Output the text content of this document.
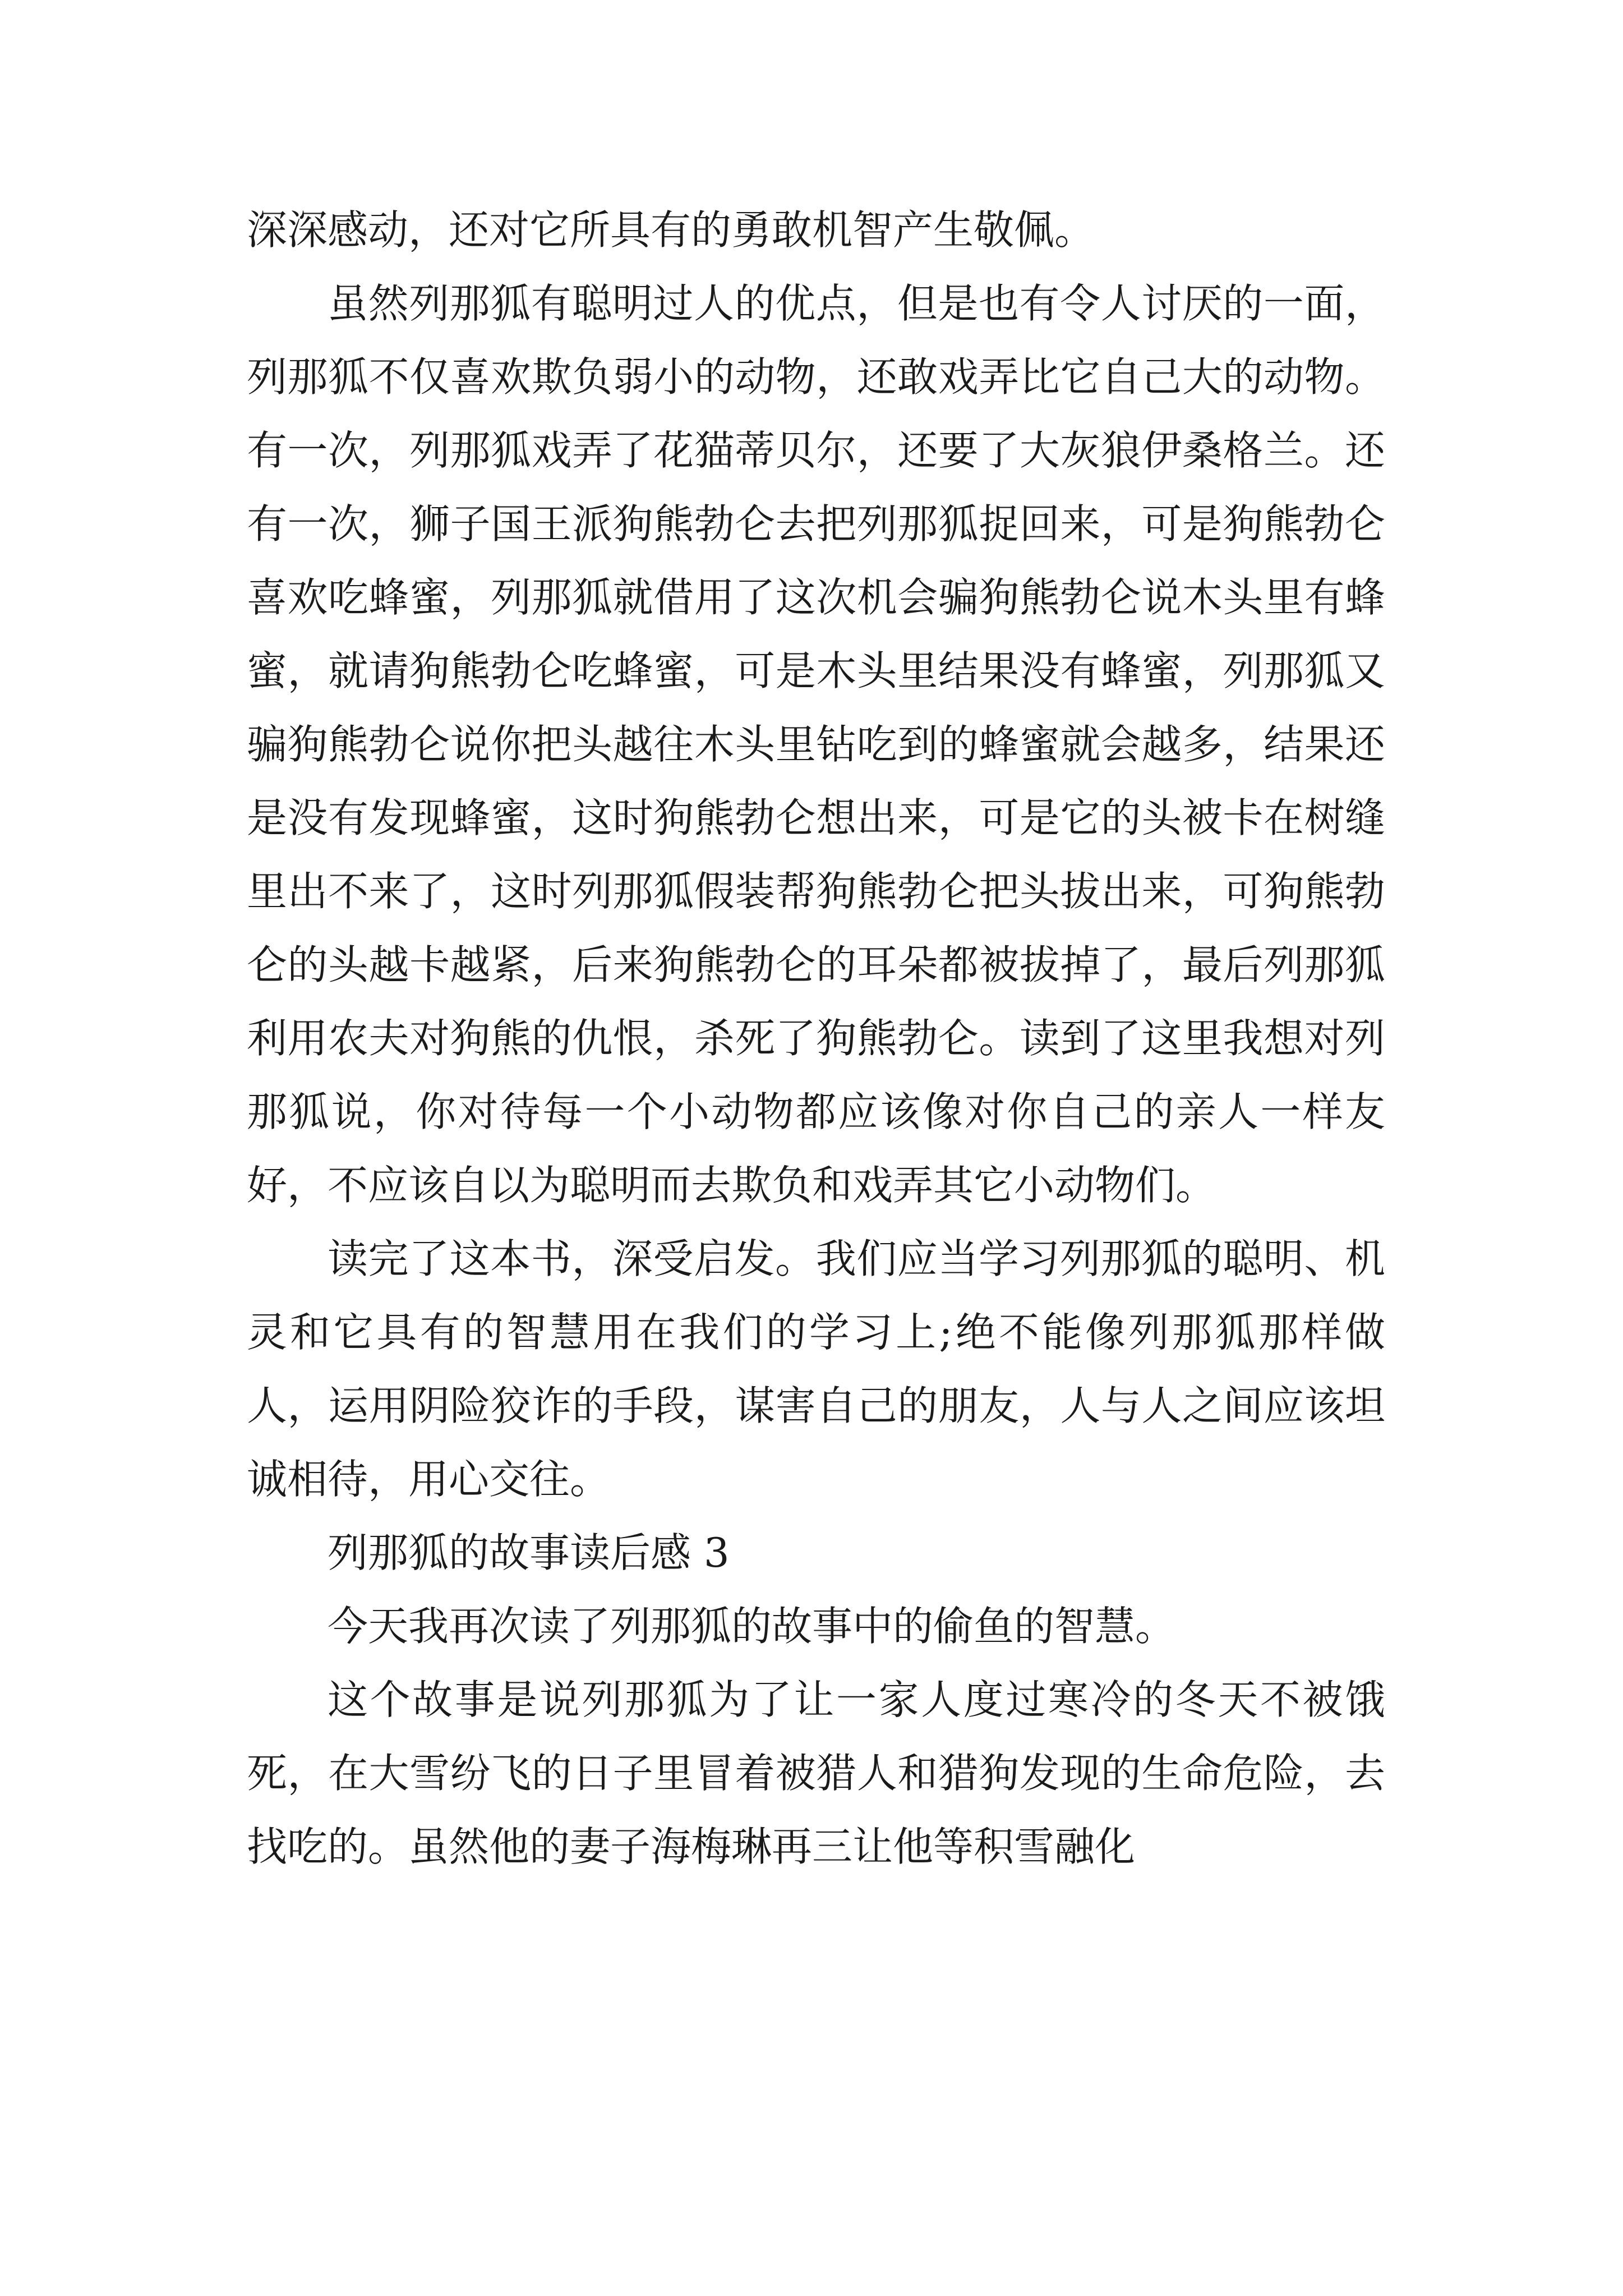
深深感动，还对它所具有的勇敢机智产生敬佩。

虽然列那狐有聪明过人的优点，但是也有令人讨厌的一面，列那狐不仅喜欢欺负弱小的动物，还敢戏弄比它自己大的动物。有一次，列那狐戏弄了花猫蒂贝尔，还要了大灰狼伊桑格兰。还有一次，狮子国王派狗熊勃仑去把列那狐捉回来，可是狗熊勃仑喜欢吃蜂蜜，列那狐就借用了这次机会骗狗熊勃仑说木头里有蜂蜜，就请狗熊勃仑吃蜂蜜，可是木头里结果没有蜂蜜，列那狐又骗狗熊勃仑说你把头越往木头里钻吃到的蜂蜜就会越多，结果还是没有发现蜂蜜，这时狗熊勃仑想出来，可是它的头被卡在树缝里出不来了，这时列那狐假装帮狗熊勃仑把头拔出来，可狗熊勃仑的头越卡越紧，后来狗熊勃仑的耳朵都被拔掉了，最后列那狐利用农夫对狗熊的仇恨，杀死了狗熊勃仑。读到了这里我想对列那狐说，你对待每一个小动物都应该像对你自己的亲人一样友好，不应该自以为聪明而去欺负和戏弄其它小动物们。

读完了这本书，深受启发。我们应当学习列那狐的聪明、机灵和它具有的智慧用在我们的学习上;绝不能像列那狐那样做人，运用阴险狡诈的手段，谋害自己的朋友，人与人之间应该坦诚相待，用心交往。

列那狐的故事读后感 3

今天我再次读了列那狐的故事中的偷鱼的智慧。

这个故事是说列那狐为了让一家人度过寒冷的冬天不被饿死，在大雪纷飞的日子里冒着被猎人和猎狗发现的生命危险，去找吃的。虽然他的妻子海梅琳再三让他等积雪融化
